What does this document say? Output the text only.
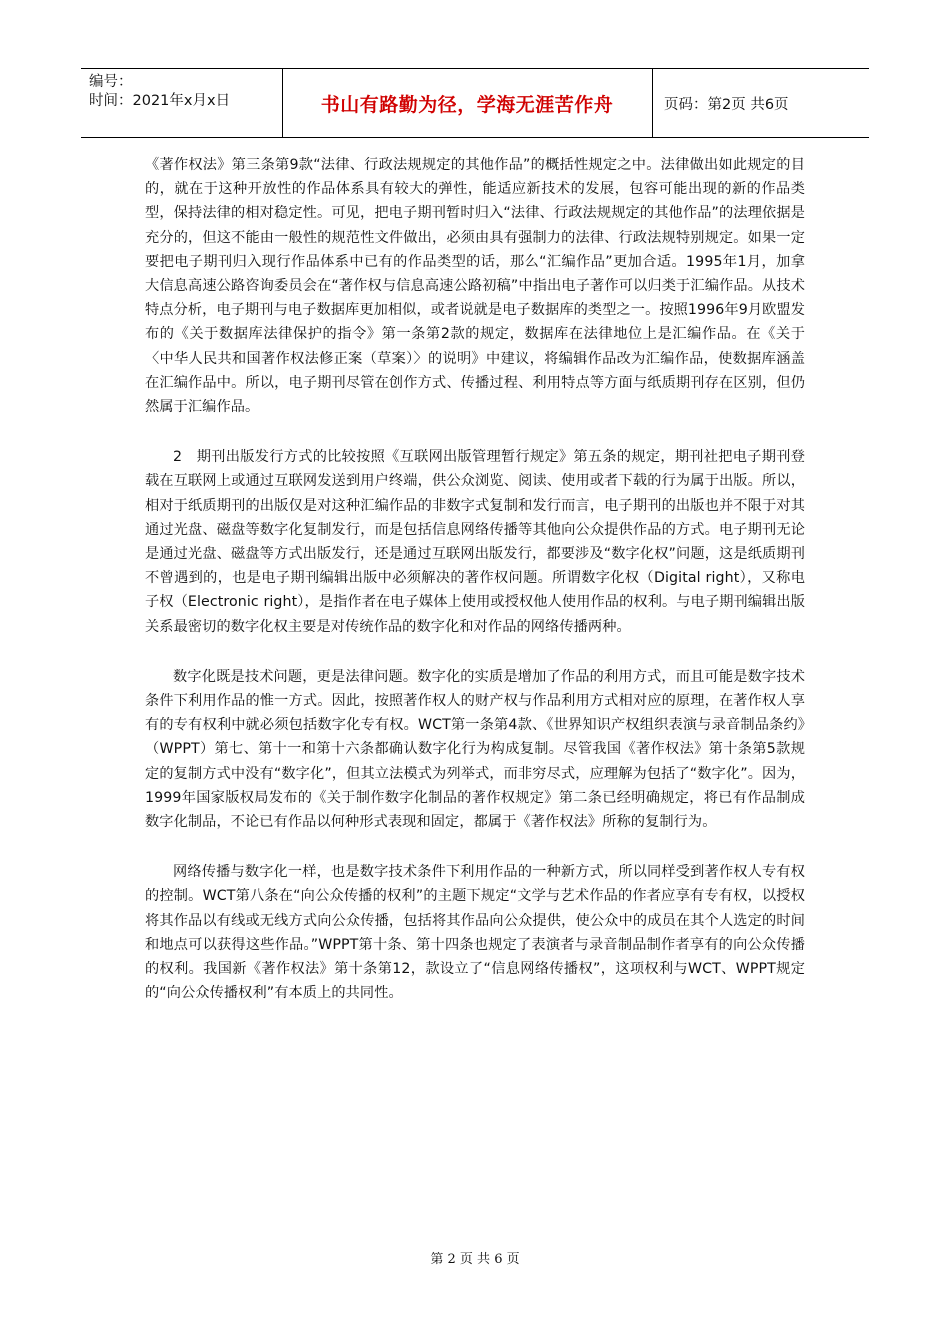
编号：
时间：2021年x月x日	书山有路勤为径，学海无涯苦作舟	页码：第2页 共6页

《著作权法》第三条第9款“法律、行政法规规定的其他作品”的概括性规定之中。法律做出如此规定的目的，就在于这种开放性的作品体系具有较大的弹性，能适应新技术的发展，包容可能出现的新的作品类型，保持法律的相对稳定性。可见，把电子期刊暂时归入“法律、行政法规规定的其他作品”的法理依据是充分的，但这不能由一般性的规范性文件做出，必须由具有强制力的法律、行政法规特别规定。如果一定要把电子期刊归入现行作品体系中已有的作品类型的话，那么“汇编作品”更加合适。1995年1月，加拿大信息高速公路咨询委员会在“著作权与信息高速公路初稿”中指出电子著作可以归类于汇编作品。从技术特点分析，电子期刊与电子数据库更加相似，或者说就是电子数据库的类型之一。按照1996年9月欧盟发布的《关于数据库法律保护的指令》第一条第2款的规定，数据库在法律地位上是汇编作品。在《关于〈中华人民共和国著作权法修正案（草案）〉的说明》中建议，将编辑作品改为汇编作品，使数据库涵盖在汇编作品中。所以，电子期刊尽管在创作方式、传播过程、利用特点等方面与纸质期刊存在区别，但仍然属于汇编作品。

2　期刊出版发行方式的比较按照《互联网出版管理暂行规定》第五条的规定，期刊社把电子期刊登载在互联网上或通过互联网发送到用户终端，供公众浏览、阅读、使用或者下载的行为属于出版。所以，相对于纸质期刊的出版仅是对这种汇编作品的非数字式复制和发行而言，电子期刊的出版也并不限于对其通过光盘、磁盘等数字化复制发行，而是包括信息网络传播等其他向公众提供作品的方式。电子期刊无论是通过光盘、磁盘等方式出版发行，还是通过互联网出版发行，都要涉及“数字化权”问题，这是纸质期刊不曾遇到的，也是电子期刊编辑出版中必须解决的著作权问题。所谓数字化权（Digital right），又称电子权（Electronic right），是指作者在电子媒体上使用或授权他人使用作品的权利。与电子期刊编辑出版关系最密切的数字化权主要是对传统作品的数字化和对作品的网络传播两种。

数字化既是技术问题，更是法律问题。数字化的实质是增加了作品的利用方式，而且可能是数字技术条件下利用作品的惟一方式。因此，按照著作权人的财产权与作品利用方式相对应的原理，在著作权人享有的专有权利中就必须包括数字化专有权。WCT第一条第4款、《世界知识产权组织表演与录音制品条约》（WPPT）第七、第十一和第十六条都确认数字化行为构成复制。尽管我国《著作权法》第十条第5款规定的复制方式中没有“数字化”，但其立法模式为列举式，而非穷尽式，应理解为包括了“数字化”。因为，1999年国家版权局发布的《关于制作数字化制品的著作权规定》第二条已经明确规定，将已有作品制成数字化制品，不论已有作品以何种形式表现和固定，都属于《著作权法》所称的复制行为。

网络传播与数字化一样，也是数字技术条件下利用作品的一种新方式，所以同样受到著作权人专有权的控制。WCT第八条在“向公众传播的权利”的主题下规定“文学与艺术作品的作者应享有专有权，以授权将其作品以有线或无线方式向公众传播，包括将其作品向公众提供，使公众中的成员在其个人选定的时间和地点可以获得这些作品。”WPPT第十条、第十四条也规定了表演者与录音制品制作者享有的向公众传播的权利。我国新《著作权法》第十条第12，款设立了“信息网络传播权”，这项权利与WCT、WPPT规定的“向公众传播权利”有本质上的共同性。

第 2 页 共 6 页
